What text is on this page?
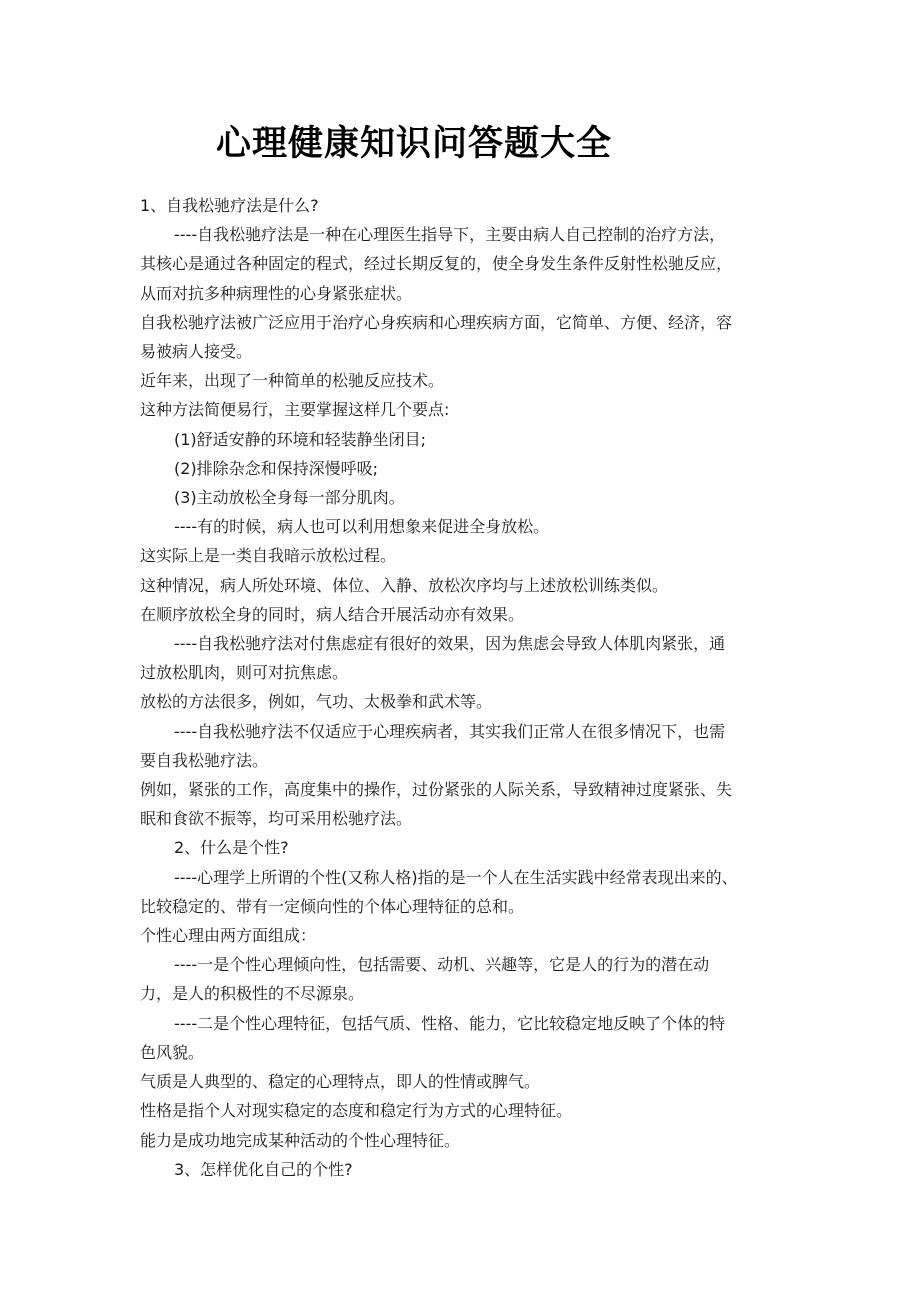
心理健康知识问答题大全

1、自我松驰疗法是什么?

----自我松驰疗法是一种在心理医生指导下，主要由病人自己控制的治疗方法，

其核心是通过各种固定的程式，经过长期反复的，使全身发生条件反射性松驰反应，

从而对抗多种病理性的心身紧张症状。

自我松驰疗法被广泛应用于治疗心身疾病和心理疾病方面，它简单、方便、经济，容

易被病人接受。

近年来，出现了一种简单的松驰反应技术。

这种方法简便易行，主要掌握这样几个要点:

(1)舒适安静的环境和轻装静坐闭目;

(2)排除杂念和保持深慢呼吸;

(3)主动放松全身每一部分肌肉。

----有的时候，病人也可以利用想象来促进全身放松。

这实际上是一类自我暗示放松过程。

这种情况，病人所处环境、体位、入静、放松次序均与上述放松训练类似。

在顺序放松全身的同时，病人结合开展活动亦有效果。

----自我松驰疗法对付焦虑症有很好的效果，因为焦虑会导致人体肌肉紧张，通

过放松肌肉，则可对抗焦虑。

放松的方法很多，例如，气功、太极拳和武术等。

----自我松驰疗法不仅适应于心理疾病者，其实我们正常人在很多情况下，也需

要自我松驰疗法。

例如，紧张的工作，高度集中的操作，过份紧张的人际关系，导致精神过度紧张、失

眠和食欲不振等，均可采用松驰疗法。

2、什么是个性?

----心理学上所谓的个性(又称人格)指的是一个人在生活实践中经常表现出来的、

比较稳定的、带有一定倾向性的个体心理特征的总和。

个性心理由两方面组成：

----一是个性心理倾向性，包括需要、动机、兴趣等，它是人的行为的潜在动

力，是人的积极性的不尽源泉。

----二是个性心理特征，包括气质、性格、能力，它比较稳定地反映了个体的特

色风貌。

气质是人典型的、稳定的心理特点，即人的性情或脾气。

性格是指个人对现实稳定的态度和稳定行为方式的心理特征。

能力是成功地完成某种活动的个性心理特征。

3、怎样优化自己的个性?
